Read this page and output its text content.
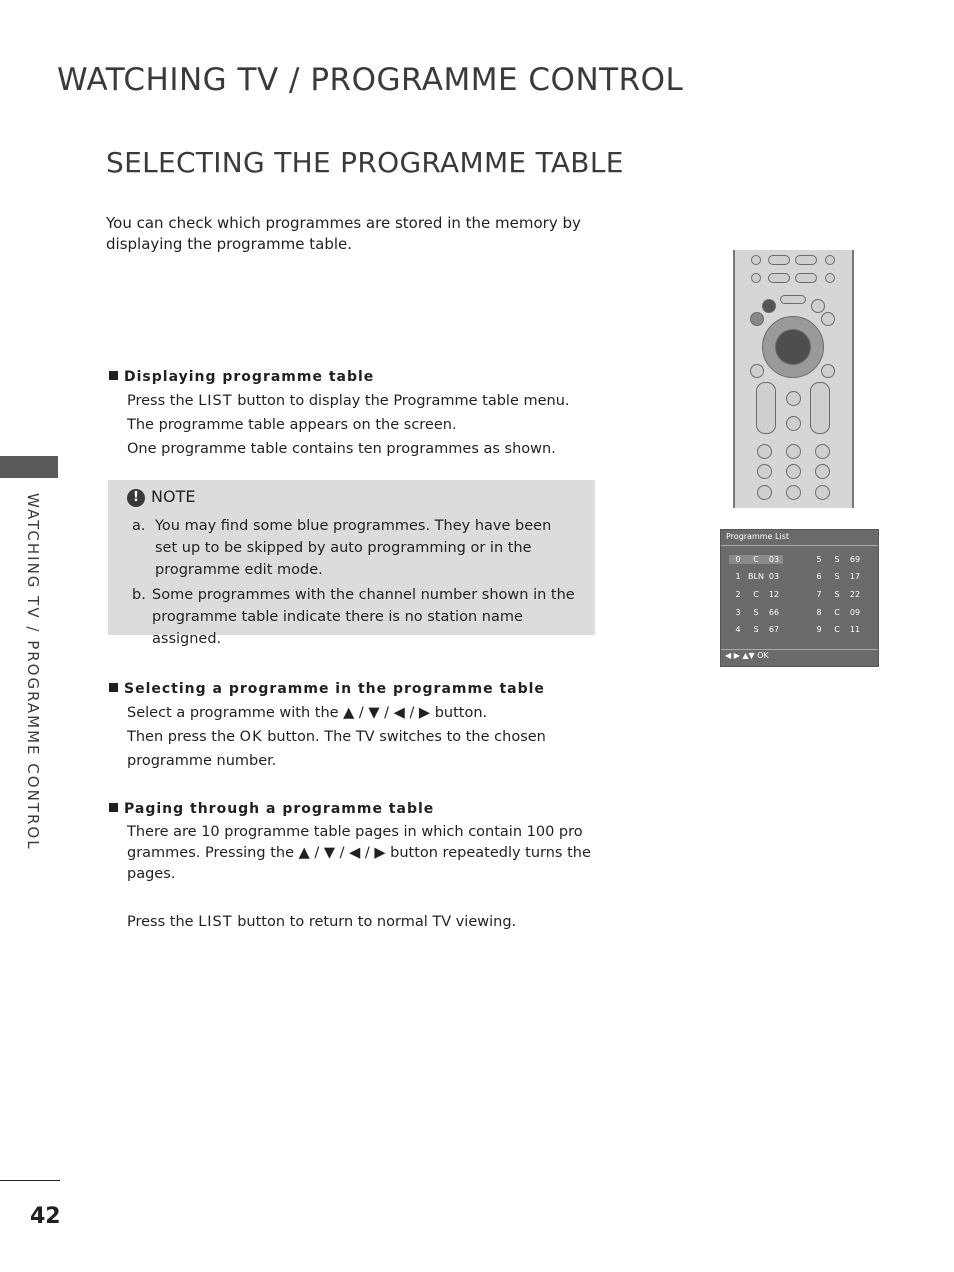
WATCHING TV / PROGRAMME CONTROL
SELECTING THE PROGRAMME TABLE
You can check which programmes are stored in the memory by displaying the programme table.
WATCHING TV / PROGRAMME CONTROL
Displaying programme table

Press the LIST button to display the Programme table menu.

The programme table appears on the screen.

One programme table contains ten programmes as shown.

! NOTE
a. You may find some blue programmes. They have been set up to be skipped by auto programming or in the programme edit mode.
b. Some programmes with the channel number shown in the programme table indicate there is no station name assigned.
Selecting a programme in the programme table

Select a programme with the ▲ / ▼ / ◀ / ▶ button.

Then press the OK button. The TV switches to the chosen

programme number.

Paging through a programme table

There are 10 programme table pages in which contain 100 pro

grammes. Pressing the ▲ / ▼ / ◀ / ▶ button repeatedly turns the

pages.

Press the LIST button to return to normal TV viewing.

Programme List
0 C 03	5 S 69
1 BLN 03	6 S 17
2 C 12	7 S 22
3 S 66	8 C 09
4 S 67	9 C 11
◀ ▶ ▲▼ OK
42
